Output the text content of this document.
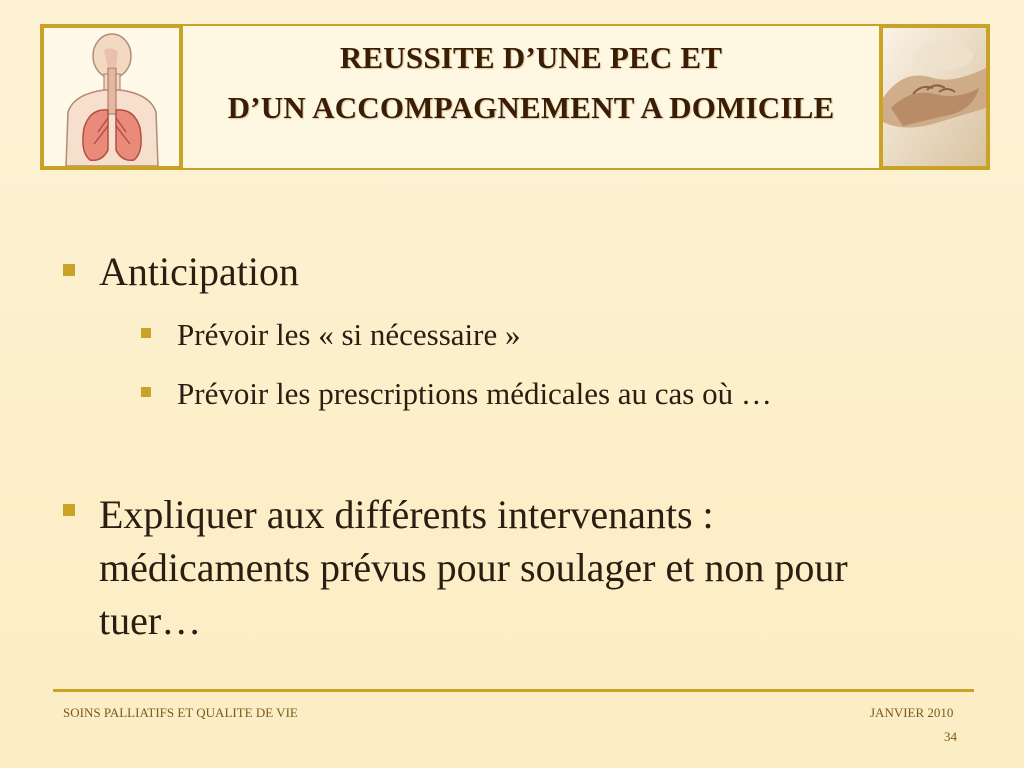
REUSSITE D’UNE PEC ET
D’UN ACCOMPAGNEMENT A DOMICILE
Anticipation
Prévoir les « si nécessaire »
Prévoir les prescriptions médicales au cas où …
Expliquer aux différents intervenants :
médicaments prévus pour soulager et non pour
tuer…
SOINS PALLIATIFS ET QUALITE DE VIE	JANVIER 2010
34
